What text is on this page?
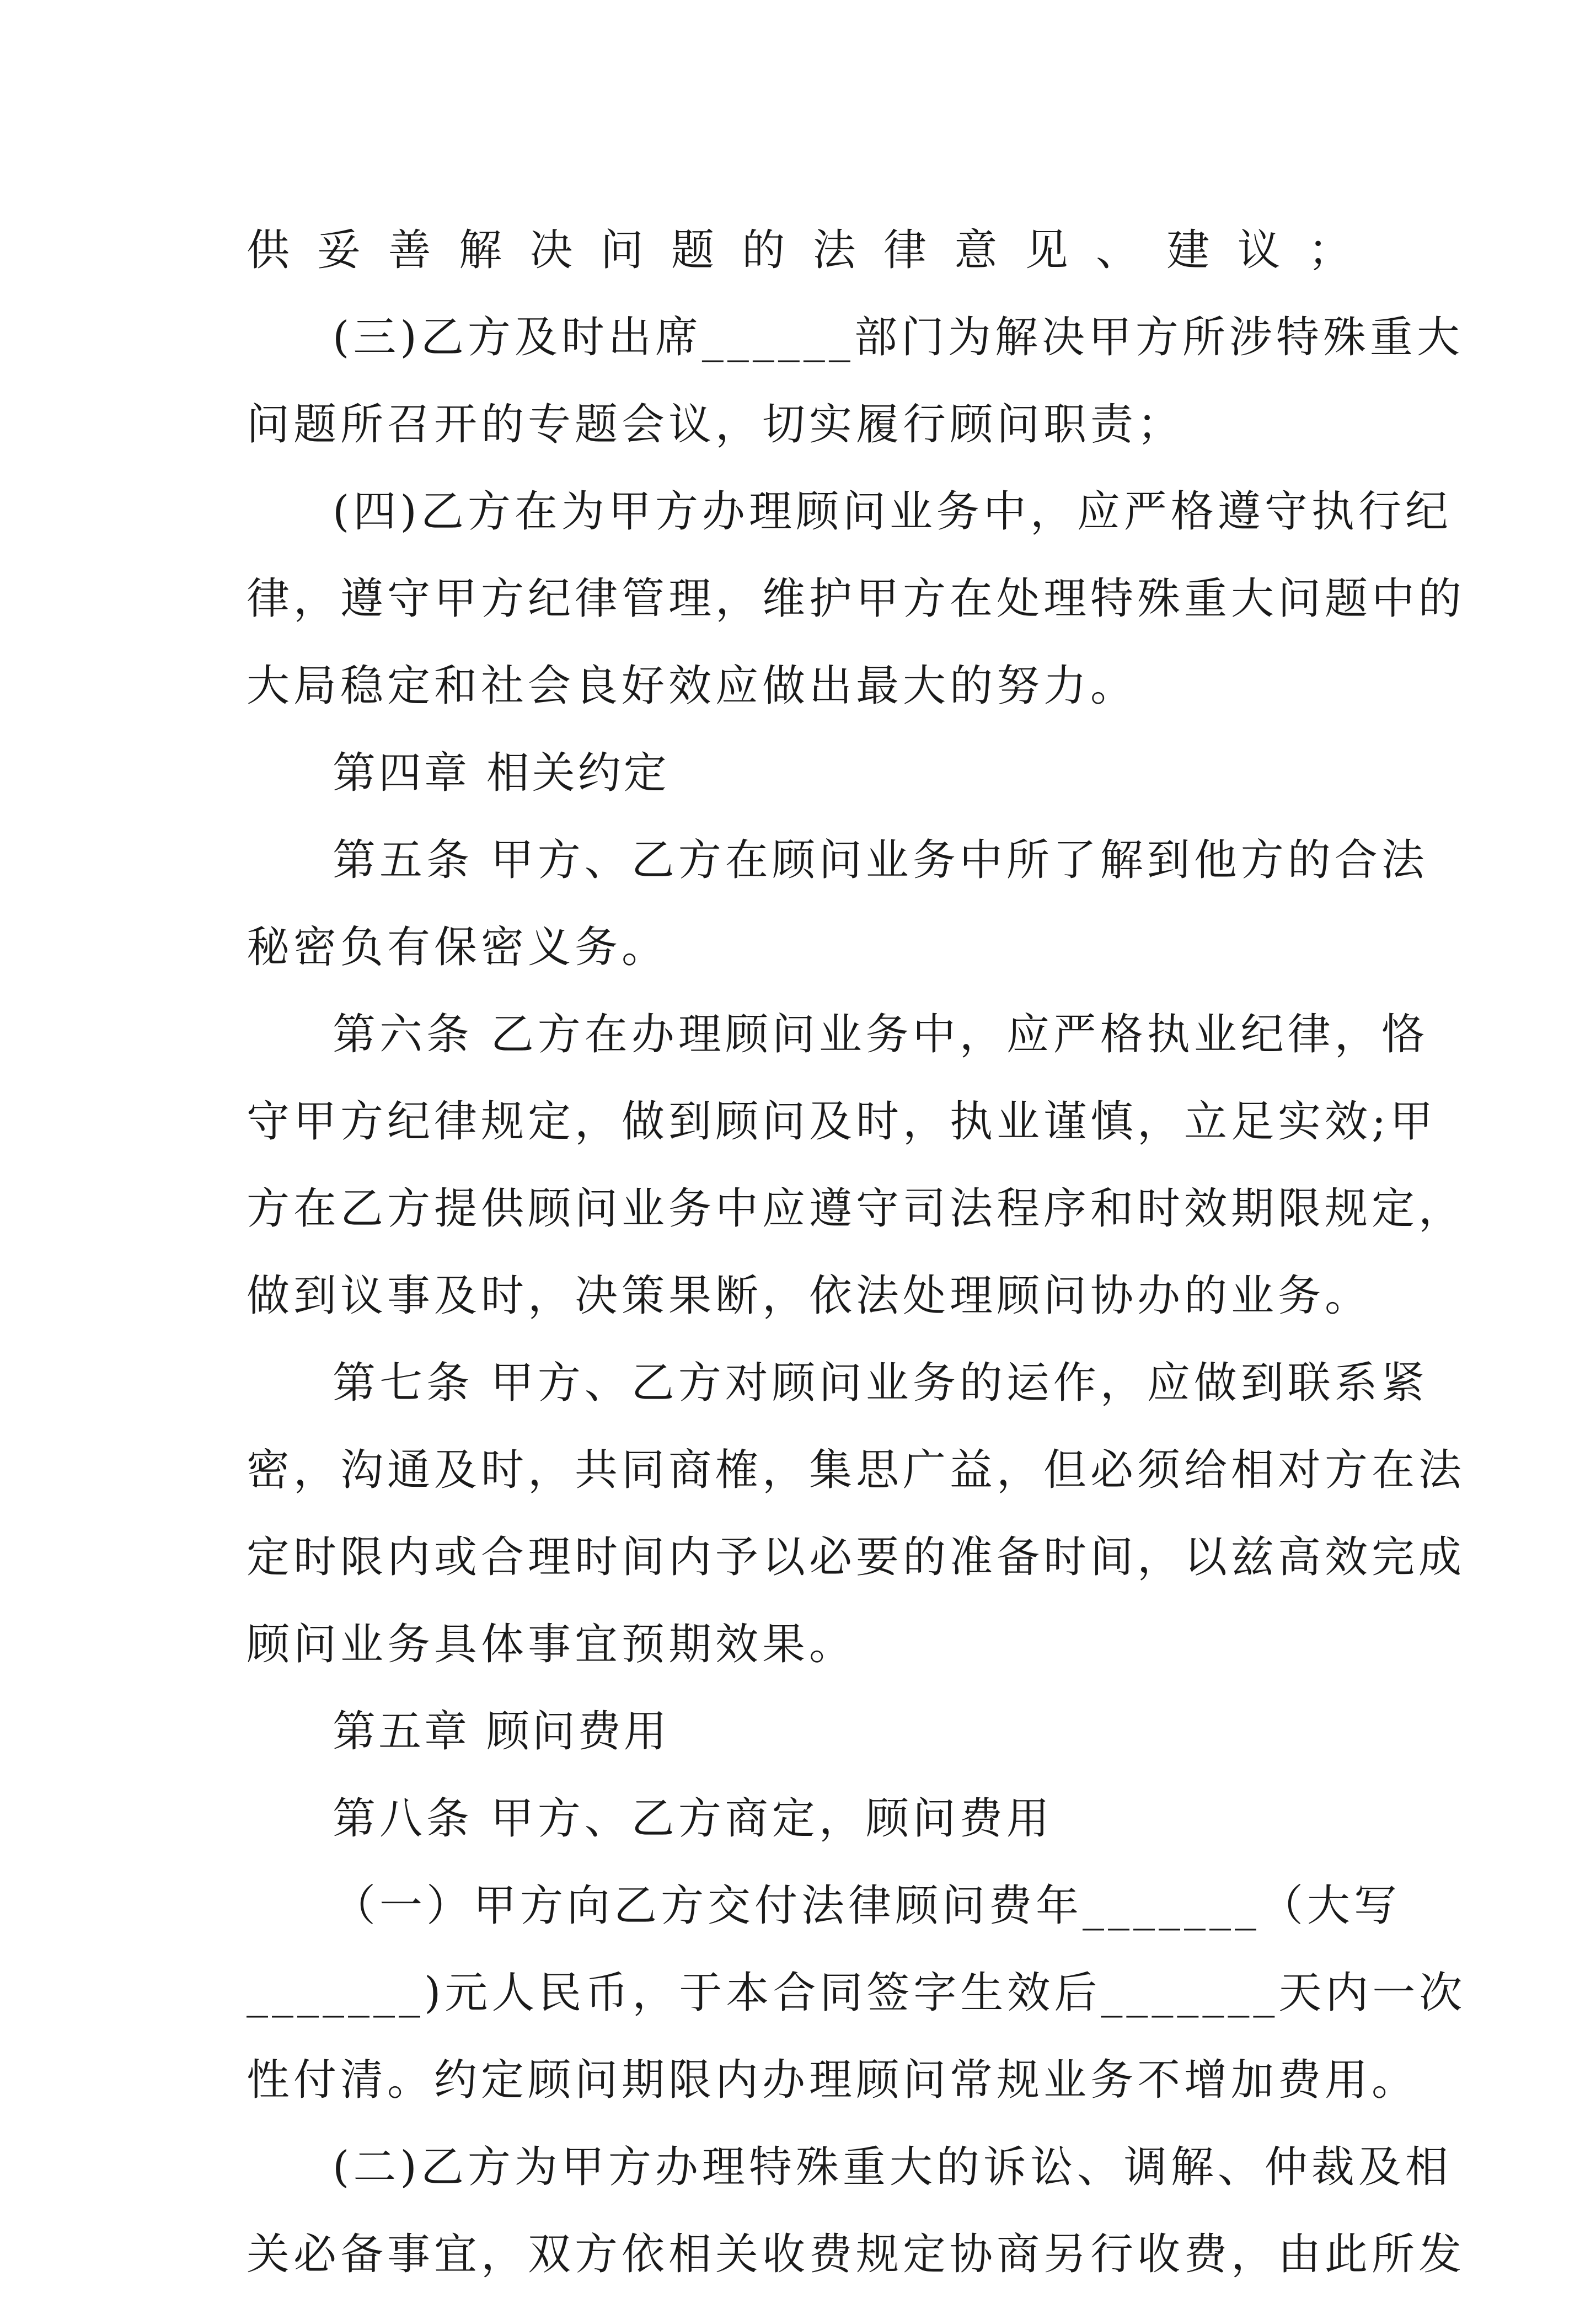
供妥善解决问题的法律意见、建议；
(三)乙方及时出席______部门为解决甲方所涉特殊重大
问题所召开的专题会议，切实履行顾问职责；
(四)乙方在为甲方办理顾问业务中，应严格遵守执行纪
律，遵守甲方纪律管理，维护甲方在处理特殊重大问题中的
大局稳定和社会良好效应做出最大的努力。
第四章 相关约定
第五条 甲方、乙方在顾问业务中所了解到他方的合法
秘密负有保密义务。
第六条 乙方在办理顾问业务中，应严格执业纪律，恪
守甲方纪律规定，做到顾问及时，执业谨慎，立足实效;甲
方在乙方提供顾问业务中应遵守司法程序和时效期限规定，
做到议事及时，决策果断，依法处理顾问协办的业务。
第七条 甲方、乙方对顾问业务的运作，应做到联系紧
密，沟通及时，共同商榷，集思广益，但必须给相对方在法
定时限内或合理时间内予以必要的准备时间，以兹高效完成
顾问业务具体事宜预期效果。
第五章 顾问费用
第八条 甲方、乙方商定，顾问费用
（一）甲方向乙方交付法律顾问费年_______（大写
_______)元人民币，于本合同签字生效后_______天内一次
性付清。约定顾问期限内办理顾问常规业务不增加费用。
(二)乙方为甲方办理特殊重大的诉讼、调解、仲裁及相
关必备事宜，双方依相关收费规定协商另行收费，由此所发
